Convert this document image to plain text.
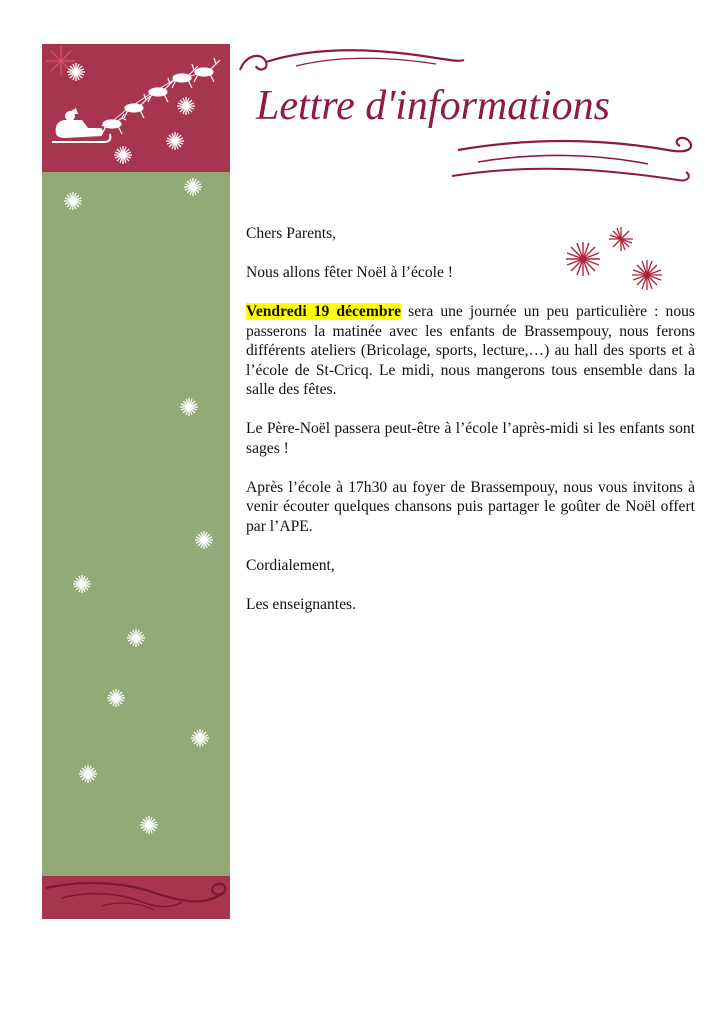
Lettre d'informations

Chers Parents,

Nous allons fêter Noël à l’école !

Vendredi 19 décembre sera une journée un peu particulière : nous passerons la matinée avec les enfants de Brassempouy, nous ferons différents ateliers (Bricolage, sports, lecture,…) au hall des sports et à l’école de St-Cricq. Le midi, nous mangerons tous ensemble dans la salle des fêtes.

Le Père-Noël passera peut-être à l’école l’après-midi si les enfants sont sages !

Après l’école à 17h30 au foyer de Brassempouy, nous vous invitons à venir écouter quelques chansons puis partager le goûter de Noël offert par l’APE.

Cordialement,

Les enseignantes.
